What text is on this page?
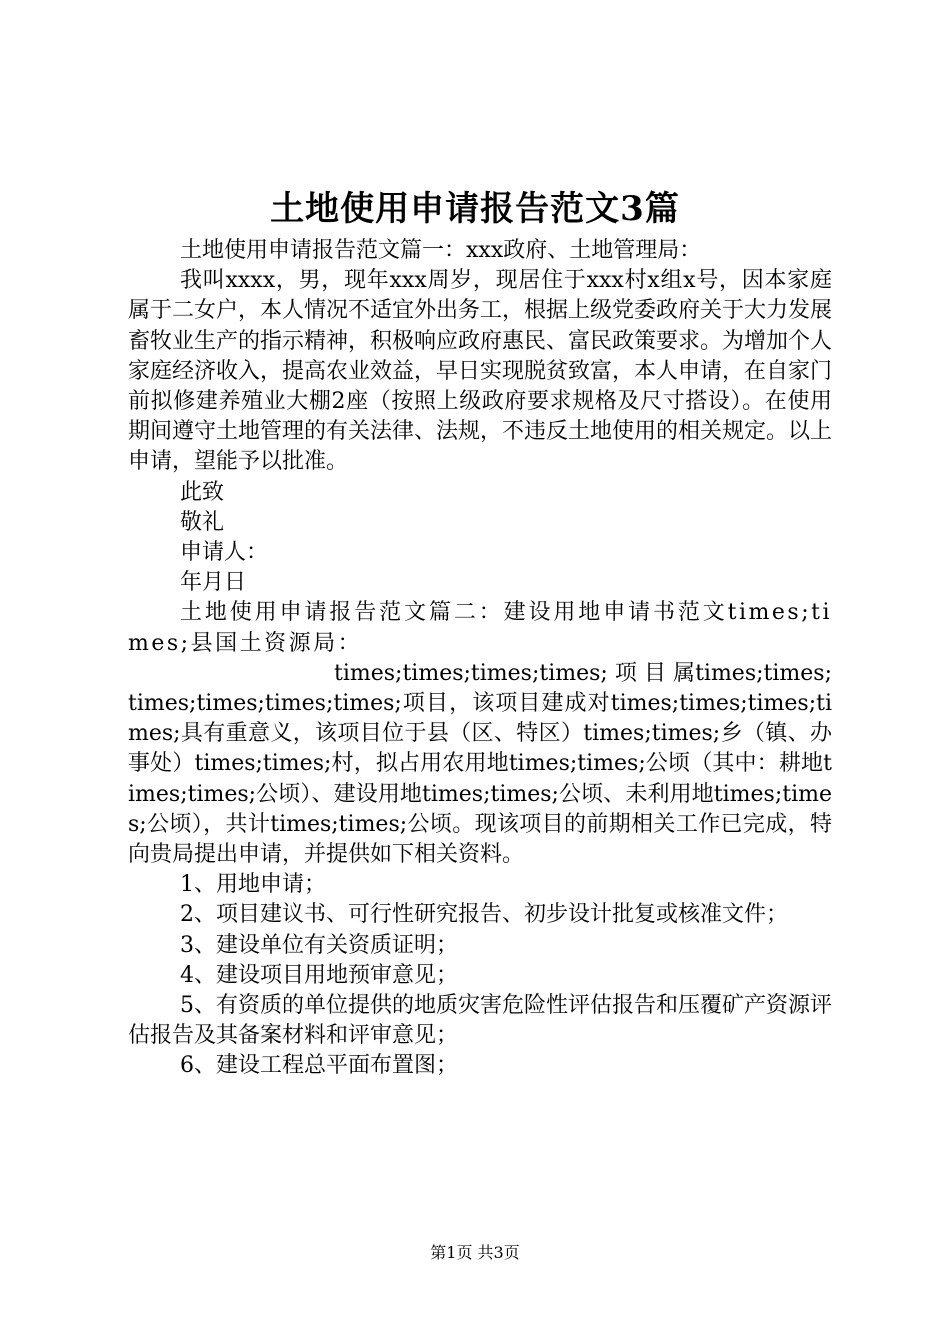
土地使用申请报告范文3篇

土地使用申请报告范文篇一：xxx政府、土地管理局：

我叫xxxx，男，现年xxx周岁，现居住于xxx村x组x号，因本家庭属于二女户，本人情况不适宜外出务工，根据上级党委政府关于大力发展畜牧业生产的指示精神，积极响应政府惠民、富民政策要求。为增加个人家庭经济收入，提高农业效益，早日实现脱贫致富，本人申请，在自家门前拟修建养殖业大棚2座（按照上级政府要求规格及尺寸搭设）。在使用期间遵守土地管理的有关法律、法规，不违反土地使用的相关规定。以上申请，望能予以批准。

此致

敬礼

申请人：

年月日

土地使用申请报告范文篇二：建设用地申请书范文times;times;县国土资源局：

times;times;times;times; 项 目 属times;times;times;times;times;times;项目，该项目建成对times;times;times;times;具有重意义，该项目位于县（区、特区）times;times;乡（镇、办事处）times;times;村，拟占用农用地times;times;公顷（其中：耕地times;times;公顷）、建设用地times;times;公顷、未利用地times;times;公顷），共计times;times;公顷。现该项目的前期相关工作已完成，特向贵局提出申请，并提供如下相关资料。

1、用地申请；

2、项目建议书、可行性研究报告、初步设计批复或核准文件；

3、建设单位有关资质证明；

4、建设项目用地预审意见；

5、有资质的单位提供的地质灾害危险性评估报告和压覆矿产资源评估报告及其备案材料和评审意见；

6、建设工程总平面布置图；

第1页 共3页
